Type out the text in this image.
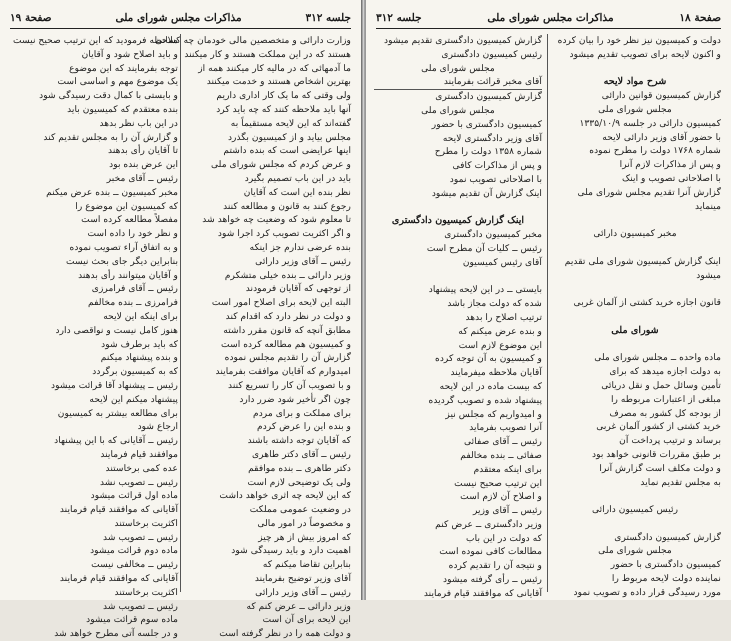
جلسه ۳۱۲
مذاکرات مجلس شورای ملی
صفحة ۱۹
وزارت دارائی و متخصصین مالی خودمان چه کسانی
هستند که در این مملکت هستند و کار میکنند
ما آدمهائی که در مالیه کار میکنند همه از
بهترین اشخاص هستند و خدمت میکنند
ولی وقتی که ما یک کار اداری داریم
آنها باید ملاحظه کنند که چه باید کرد
گفته‌اند که این لایحه مستقیماً به
مجلس بیاید و از کمیسیون بگذرد
اینها عرایضی است که بنده داشتم
و عرض کردم که مجلس شورای ملی
باید در این باب تصمیم بگیرد
نظر بنده این است که آقایان
رجوع کنند به قانون و مطالعه کنند
تا معلوم شود که وضعیت چه خواهد شد
و اگر اکثریت تصویب کرد اجرا شود
بنده عرضی ندارم جز اینکه
رئیس ــ آقای وزیر دارائی
وزیر دارائی ــ بنده خیلی متشکرم
از توجهی که آقایان فرمودند
البته این لایحه برای اصلاح امور است
و دولت در نظر دارد که اقدام کند
مطابق آنچه که قانون مقرر داشته
و کمیسیون هم مطالعه کرده است
گزارش آن را تقدیم مجلس نموده
امیدوارم که آقایان موافقت بفرمایند
و با تصویب آن کار را تسریع کنند
چون اگر تأخیر شود ضرر دارد
برای مملکت و برای مردم
و بنده این را عرض کردم
که آقایان توجه داشته باشند
رئیس ــ آقای دکتر طاهری
دکتر طاهری ــ بنده موافقم
ولی یک توضیحی لازم است
که این لایحه چه اثری خواهد داشت
در وضعیت عمومی مملکت
و مخصوصاً در امور مالی
که امروز بیش از هر چیز
اهمیت دارد و باید رسیدگی شود
بنابراین تقاضا میکنم که
آقای وزیر توضیح بفرمایند
رئیس ــ آقای وزیر دارائی
وزیر دارائی ــ عرض کنم که
این لایحه برای آن است
و دولت همه را در نظر گرفته است
ملاحظه فرمودید که این ترتیب صحیح نیست
و باید اصلاح شود و آقایان
توجه بفرمایند که این موضوع
یک موضوع مهم و اساسی است
و بایستی با کمال دقت رسیدگی شود
بنده معتقدم که کمیسیون باید
در این باب نظر بدهد
و گزارش آن را به مجلس تقدیم کند
تا آقایان رأی بدهند
این عرض بنده بود
رئیس ــ آقای مخبر
مخبر کمیسیون ــ بنده عرض میکنم
که کمیسیون این موضوع را
مفصلاً مطالعه کرده است
و نظر خود را داده است
و به اتفاق آراء تصویب نموده
بنابراین دیگر جای بحث نیست
و آقایان میتوانند رأی بدهند
رئیس ــ آقای فرامرزی
فرامرزی ــ بنده مخالفم
برای اینکه این لایحه
هنوز کامل نیست و نواقصی دارد
که باید برطرف شود
و بنده پیشنهاد میکنم
که به کمیسیون برگردد
رئیس ــ پیشنهاد آقا قرائت میشود
پیشنهاد میکنم این لایحه
برای مطالعه بیشتر به کمیسیون
ارجاع شود
رئیس ــ آقایانی که با این پیشنهاد
موافقند قیام فرمایند
عده کمی برخاستند
رئیس ــ تصویب نشد
ماده اول قرائت میشود
آقایانی که موافقند قیام فرمایند
اکثریت برخاستند
رئیس ــ تصویب شد
ماده دوم قرائت میشود
رئیس ــ مخالفی نیست
آقایانی که موافقند قیام فرمایند
اکثریت برخاستند
رئیس ــ تصویب شد
ماده سوم قرائت میشود
و در جلسه آتی مطرح خواهد شد
صفحة ۱۸
مذاکرات مجلس شورای ملی
جلسه ۳۱۲
دولت و کمیسیون نیز نظر خود را بیان کرده
و اکنون لایحه برای تصویب تقدیم میشود
شرح مواد لایحه
گزارش کمیسیون قوانین دارائی
مجلس شورای ملی
کمیسیون دارائی در جلسه ۱۳۳۵/۱۰/۹
با حضور آقای وزیر دارائی لایحه
شماره ۱۷۶۸ دولت را مطرح نموده
و پس از مذاکرات لازم آنرا
با اصلاحاتی تصویب و اینک
گزارش آنرا تقدیم مجلس شورای ملی
مینماید
مخبر کمیسیون دارائی
اینک گزارش کمیسیون شورای ملی تقدیم
میشود
قانون اجازه خرید کشتی از آلمان غربی
شورای ملی
ماده واحده ــ مجلس شورای ملی
به دولت اجازه میدهد که برای
تأمین وسائل حمل و نقل دریائی
مبلغی از اعتبارات مربوطه را
از بودجه کل کشور به مصرف
خرید کشتی از کشور آلمان غربی
برساند و ترتیب پرداخت آن
بر طبق مقررات قانونی خواهد بود
و دولت مکلف است گزارش آنرا
به مجلس تقدیم نماید
رئیس کمیسیون دارائی
گزارش کمیسیون دادگستری
مجلس شورای ملی
کمیسیون دادگستری با حضور
نماینده دولت لایحه مربوط را
مورد رسیدگی قرار داده و تصویب نمود
گزارش کمیسیون دادگستری تقدیم میشود
رئیس کمیسیون دادگستری
مجلس شورای ملی
آقای مخبر قرائت بفرمایند
گزارش کمیسیون دادگستری
مجلس شورای ملی
کمیسیون دادگستری با حضور
آقای وزیر دادگستری لایحه
شماره ۱۳۵۸ دولت را مطرح
و پس از مذاکرات کافی
با اصلاحاتی تصویب نمود
اینک گزارش آن تقدیم میشود
اینک گزارش کمیسیون دادگستری
مخبر کمیسیون دادگستری
رئیس ــ کلیات آن مطرح است
آقای رئیس کمیسیون
بایستی ــ در این لایحه پیشنهاد
شده که دولت مجاز باشد
ترتیب اصلاح را بدهد
و بنده عرض میکنم که
این موضوع لازم است
و کمیسیون به آن توجه کرده
آقایان ملاحظه میفرمایند
که بیست ماده در این لایحه
پیشنهاد شده و تصویب گردیده
و امیدواریم که مجلس نیز
آنرا تصویب بفرماید
رئیس ــ آقای صفائی
صفائی ــ بنده مخالفم
برای اینکه معتقدم
این ترتیب صحیح نیست
و اصلاح آن لازم است
رئیس ــ آقای وزیر
وزیر دادگستری ــ عرض کنم
که دولت در این باب
مطالعات کافی نموده است
و نتیجه آن را تقدیم کرده
رئیس ــ رأی گرفته میشود
آقایانی که موافقند قیام فرمایند
